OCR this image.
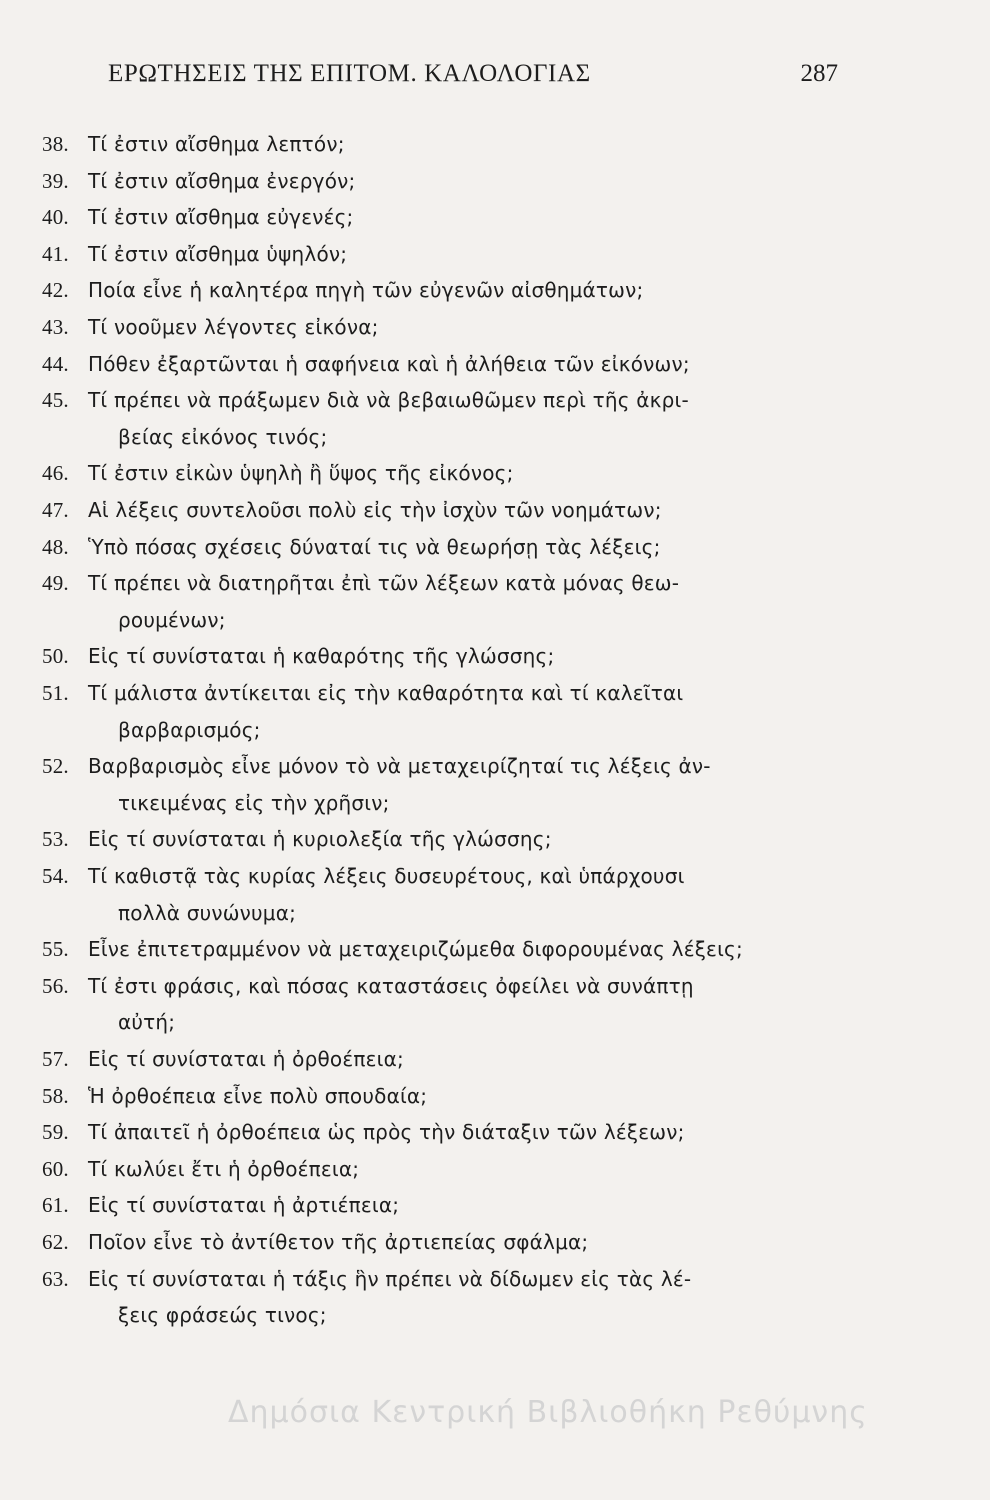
ΕΡΩΤΗΣΕΙΣ ΤΗΣ ΕΠΙΤΟΜ. ΚΑΛΟΛΟΓΙΑΣ	287
38. Τί ἐστιν αἴσθημα λεπτόν;
39. Τί ἐστιν αἴσθημα ἐνεργόν;
40. Τί ἐστιν αἴσθημα εὐγενές;
41. Τί ἐστιν αἴσθημα ὑψηλόν;
42. Ποία εἶνε ἡ καλητέρα πηγὴ τῶν εὐγενῶν αἰσθημάτων;
43. Τί νοοῦμεν λέγοντες εἰκόνα;
44. Πόθεν ἐξαρτῶνται ἡ σαφήνεια καὶ ἡ ἀλήθεια τῶν εἰκόνων;
45. Τί πρέπει νὰ πράξωμεν διὰ νὰ βεβαιωθῶμεν περὶ τῆς ἀκρι-
βείας εἰκόνος τινός;
46. Τί ἐστιν εἰκὼν ὑψηλὴ ἢ ὕψος τῆς εἰκόνος;
47. Αἱ λέξεις συντελοῦσι πολὺ εἰς τὴν ἰσχὺν τῶν νοημάτων;
48. Ὑπὸ πόσας σχέσεις δύναταί τις νὰ θεωρήσῃ τὰς λέξεις;
49. Τί πρέπει νὰ διατηρῆται ἐπὶ τῶν λέξεων κατὰ μόνας θεω-
ρουμένων;
50. Εἰς τί συνίσταται ἡ καθαρότης τῆς γλώσσης;
51. Τί μάλιστα ἀντίκειται εἰς τὴν καθαρότητα καὶ τί καλεῖται
βαρβαρισμός;
52. Βαρβαρισμὸς εἶνε μόνον τὸ νὰ μεταχειρίζηταί τις λέξεις ἀν-
τικειμένας εἰς τὴν χρῆσιν;
53. Εἰς τί συνίσταται ἡ κυριολεξία τῆς γλώσσης;
54. Τί καθιστᾷ τὰς κυρίας λέξεις δυσευρέτους, καὶ ὑπάρχουσι
πολλὰ συνώνυμα;
55. Εἶνε ἐπιτετραμμένον νὰ μεταχειριζώμεθα διφορουμένας λέξεις;
56. Τί ἐστι φράσις, καὶ πόσας καταστάσεις ὀφείλει νὰ συνάπτῃ
αὐτή;
57. Εἰς τί συνίσταται ἡ ὀρθοέπεια;
58. Ἡ ὀρθοέπεια εἶνε πολὺ σπουδαία;
59. Τί ἀπαιτεῖ ἡ ὀρθοέπεια ὡς πρὸς τὴν διάταξιν τῶν λέξεων;
60. Τί κωλύει ἔτι ἡ ὀρθοέπεια;
61. Εἰς τί συνίσταται ἡ ἀρτιέπεια;
62. Ποῖον εἶνε τὸ ἀντίθετον τῆς ἀρτιεπείας σφάλμα;
63. Εἰς τί συνίσταται ἡ τάξις ἣν πρέπει νὰ δίδωμεν εἰς τὰς λέ-
ξεις φράσεώς τινος;
Δημόσια Κεντρική Βιβλιοθήκη Ρεθύμνης
